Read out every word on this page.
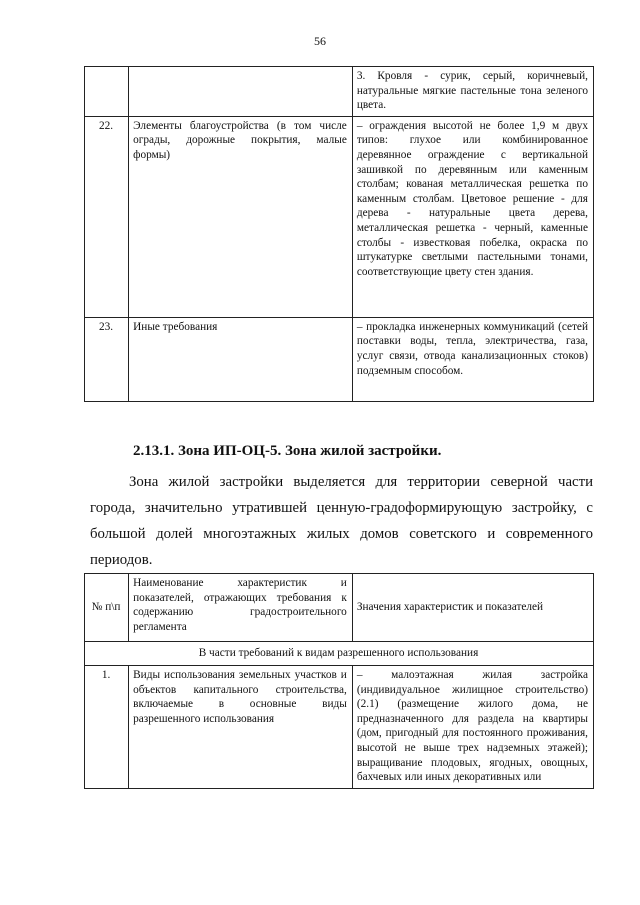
56
		3. Кровля - сурик, серый, коричневый, натуральные мягкие пастельные тона зеленого цвета.
22.	Элементы благоустройства (в том числе ограды, дорожные покрытия, малые формы)	– ограждения высотой не более 1,9 м двух типов: глухое или комбинированное деревянное ограждение с вертикальной зашивкой по деревянным или каменным столбам; кованая металлическая решетка по каменным столбам. Цветовое решение - для дерева - натуральные цвета дерева, металлическая решетка - черный, каменные столбы - известковая побелка, окраска по штукатурке светлыми пастельными тонами, соответствующие цвету стен здания.
23.	Иные требования	– прокладка инженерных коммуникаций (сетей поставки воды, тепла, электричества, газа, услуг связи, отвода канализационных стоков) подземным способом.
2.13.1. Зона ИП-ОЦ-5. Зона жилой застройки.
Зона жилой застройки выделяется для территории северной части города, значительно утратившей ценную-градоформирующую застройку, с большой долей многоэтажных жилых домов советского и современного периодов.
№ п\п	Наименование характеристик и показателей, отражающих требования к содержанию градостроительного регламента	Значения характеристик и показателей
В части требований к видам разрешенного использования		
1.	Виды использования земельных участков и объектов капитального строительства, включаемые в основные виды разрешенного использования	– малоэтажная жилая застройка (индивидуальное жилищное строительство) (2.1) (размещение жилого дома, не предназначенного для раздела на квартиры (дом, пригодный для постоянного проживания, высотой не выше трех надземных этажей); выращивание плодовых, ягодных, овощных, бахчевых или иных декоративных или
